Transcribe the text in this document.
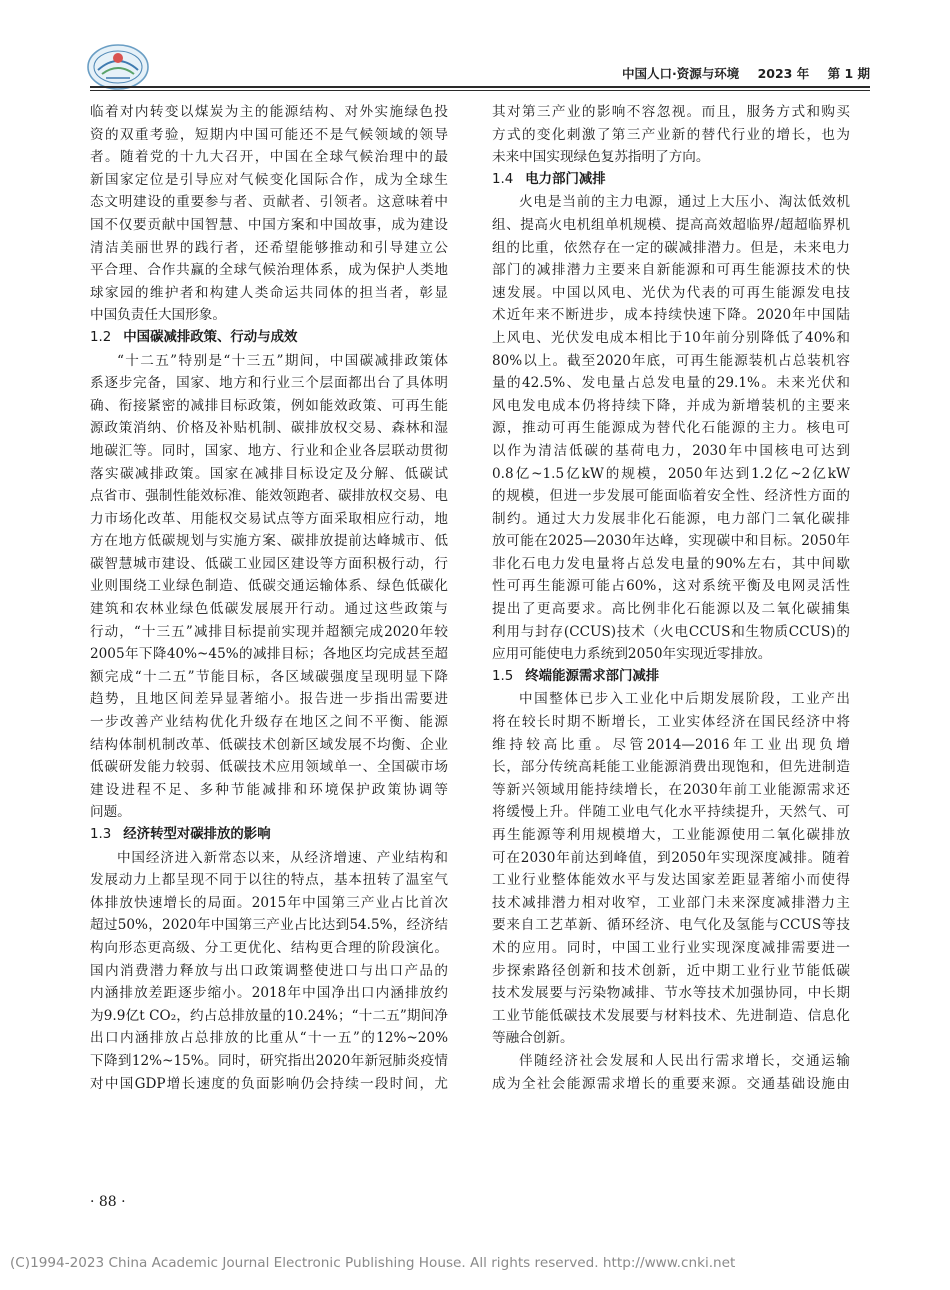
中国人口·资源与环境 2023 年 第 1 期
临着对内转变以煤炭为主的能源结构、对外实施绿色投
资的双重考验，短期内中国可能还不是气候领域的领导
者。随着党的十九大召开，中国在全球气候治理中的最
新国家定位是引导应对气候变化国际合作，成为全球生
态文明建设的重要参与者、贡献者、引领者。这意味着中
国不仅要贡献中国智慧、中国方案和中国故事，成为建设
清洁美丽世界的践行者，还希望能够推动和引导建立公
平合理、合作共赢的全球气候治理体系，成为保护人类地
球家园的维护者和构建人类命运共同体的担当者，彰显
中国负责任大国形象。
1.2 中国碳减排政策、行动与成效
“十二五”特别是“十三五”期间，中国碳减排政策体
系逐步完备，国家、地方和行业三个层面都出台了具体明
确、衔接紧密的减排目标政策，例如能效政策、可再生能
源政策消纳、价格及补贴机制、碳排放权交易、森林和湿
地碳汇等。同时，国家、地方、行业和企业各层联动贯彻
落实碳减排政策。国家在减排目标设定及分解、低碳试
点省市、强制性能效标准、能效领跑者、碳排放权交易、电
力市场化改革、用能权交易试点等方面采取相应行动，地
方在地方低碳规划与实施方案、碳排放提前达峰城市、低
碳智慧城市建设、低碳工业园区建设等方面积极行动，行
业则围绕工业绿色制造、低碳交通运输体系、绿色低碳化
建筑和农林业绿色低碳发展展开行动。通过这些政策与
行动，“十三五”减排目标提前实现并超额完成2020年较
2005年下降40%~45%的减排目标；各地区均完成甚至超
额完成“十二五”节能目标，各区域碳强度呈现明显下降
趋势，且地区间差异显著缩小。报告进一步指出需要进
一步改善产业结构优化升级存在地区之间不平衡、能源
结构体制机制改革、低碳技术创新区域发展不均衡、企业
低碳研发能力较弱、低碳技术应用领域单一、全国碳市场
建设进程不足、多种节能减排和环境保护政策协调等
问题。
1.3 经济转型对碳排放的影响
中国经济进入新常态以来，从经济增速、产业结构和
发展动力上都呈现不同于以往的特点，基本扭转了温室气
体排放快速增长的局面。2015年中国第三产业占比首次
超过50%，2020年中国第三产业占比达到54.5%，经济结
构向形态更高级、分工更优化、结构更合理的阶段演化。
国内消费潜力释放与出口政策调整使进口与出口产品的
内涵排放差距逐步缩小。2018年中国净出口内涵排放约
为9.9亿t CO₂，约占总排放量的10.24%；“十二五”期间净
出口内涵排放占总排放的比重从“十一五”的12%~20%
下降到12%~15%。同时，研究指出2020年新冠肺炎疫情
对中国GDP增长速度的负面影响仍会持续一段时间，尤
其对第三产业的影响不容忽视。而且，服务方式和购买
方式的变化刺激了第三产业新的替代行业的增长，也为
未来中国实现绿色复苏指明了方向。
1.4 电力部门减排
火电是当前的主力电源，通过上大压小、淘汰低效机
组、提高火电机组单机规模、提高高效超临界/超超临界机
组的比重，依然存在一定的碳减排潜力。但是，未来电力
部门的减排潜力主要来自新能源和可再生能源技术的快
速发展。中国以风电、光伏为代表的可再生能源发电技
术近年来不断进步，成本持续快速下降。2020年中国陆
上风电、光伏发电成本相比于10年前分别降低了40%和
80%以上。截至2020年底，可再生能源装机占总装机容
量的42.5%、发电量占总发电量的29.1%。未来光伏和
风电发电成本仍将持续下降，并成为新增装机的主要来
源，推动可再生能源成为替代化石能源的主力。核电可
以作为清洁低碳的基荷电力，2030年中国核电可达到
0.8亿~1.5亿kW的规模，2050年达到1.2亿~2亿kW
的规模，但进一步发展可能面临着安全性、经济性方面的
制约。通过大力发展非化石能源，电力部门二氧化碳排
放可能在2025—2030年达峰，实现碳中和目标。2050年
非化石电力发电量将占总发电量的90%左右，其中间歇
性可再生能源可能占60%，这对系统平衡及电网灵活性
提出了更高要求。高比例非化石能源以及二氧化碳捕集
利用与封存(CCUS)技术（火电CCUS和生物质CCUS)的
应用可能使电力系统到2050年实现近零排放。
1.5 终端能源需求部门减排
中国整体已步入工业化中后期发展阶段，工业产出
将在较长时期不断增长，工业实体经济在国民经济中将
维持较高比重。尽管2014—2016年工业出现负增
长，部分传统高耗能工业能源消费出现饱和，但先进制造
等新兴领域用能持续增长，在2030年前工业能源需求还
将缓慢上升。伴随工业电气化水平持续提升，天然气、可
再生能源等利用规模增大，工业能源使用二氧化碳排放
可在2030年前达到峰值，到2050年实现深度减排。随着
工业行业整体能效水平与发达国家差距显著缩小而使得
技术减排潜力相对收窄，工业部门未来深度减排潜力主
要来自工艺革新、循环经济、电气化及氢能与CCUS等技
术的应用。同时，中国工业行业实现深度减排需要进一
步探索路径创新和技术创新，近中期工业行业节能低碳
技术发展要与污染物减排、节水等技术加强协同，中长期
工业节能低碳技术发展要与材料技术、先进制造、信息化
等融合创新。
伴随经济社会发展和人民出行需求增长，交通运输
成为全社会能源需求增长的重要来源。交通基础设施由
· 88 ·
(C)1994-2023 China Academic Journal Electronic Publishing House. All rights reserved. http://www.cnki.net
